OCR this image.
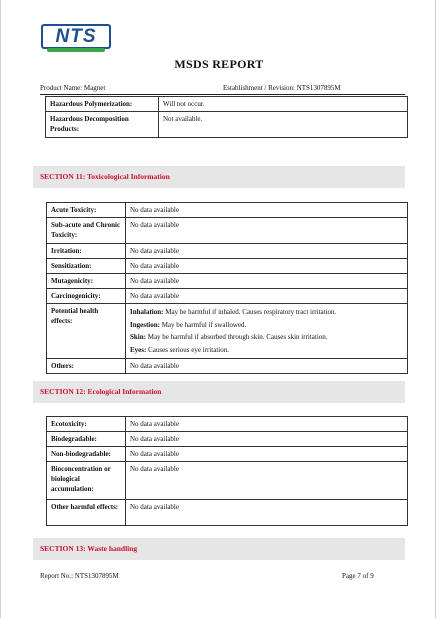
NTS
MSDS REPORT
Product Name: Magnet	Establishment / Revision: NTS1307895M
Hazardous Polymerization:	Will not occur.
Hazardous Decomposition Products:	Not available.
SECTION 11: Toxicological Information
Acute Toxicity:	No data available
Sub-acute and Chronic Toxicity:	No data available
Irritation:	No data available
Sensitization:	No data available
Mutagenicity:	No data available
Carcinogenicity:	No data available
Potential health effects:	Inhalation: May be harmful if inhaled. Causes respiratory tract irritation.
Ingestion: May be harmful if swallowed.
Skin: May be harmful if absorbed through skin. Causes skin irritation.
Eyes: Causes serious eye irritation.

Others:	No data available
SECTION 12: Ecological Information
Ecotoxicity:	No data available
Biodegradable:	No data available
Non-biodegradable:	No data available
Bioconcentration or biological accumulation:	No data available
Other harmful effects:	No data available
SECTION 13: Waste handling
Report No.: NTS1307895M	Page 7 of 9
